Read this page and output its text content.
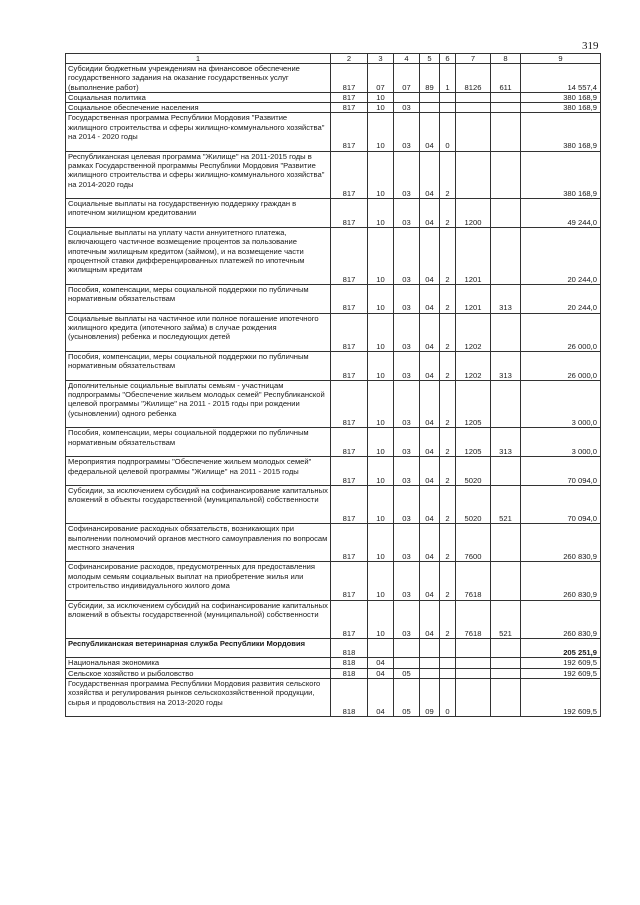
319
1	2	3	4	5	6	7	8	9
Субсидии бюджетным учреждениям на финансовое обеспечение государственного задания на оказание государственных услуг (выполнение работ)	817	07	07	89	1	8126	611	14 557,4
Социальная политика	817	10						380 168,9
Социальное обеспечение населения	817	10	03					380 168,9
Государственная программа Республики Мордовия "Развитие жилищного строительства и сферы жилищно-коммунального хозяйства" на 2014 - 2020 годы	817	10	03	04	0			380 168,9
Республиканская целевая программа "Жилище" на 2011-2015 годы в рамках Государственной программы Республики Мордовия "Развитие жилищного строительства и сферы жилищно-коммунального хозяйства" на 2014-2020 годы	817	10	03	04	2			380 168,9
Социальные выплаты на государственную поддержку граждан в ипотечном жилищном кредитовании	817	10	03	04	2	1200		49 244,0
Социальные выплаты на уплату части аннуитетного платежа, включающего частичное возмещение процентов за пользование ипотечным жилищным кредитом (займом), и на возмещение части процентной ставки дифференцированных платежей по ипотечным жилищным кредитам	817	10	03	04	2	1201		20 244,0
Пособия, компенсации, меры социальной поддержки по публичным нормативным обязательствам	817	10	03	04	2	1201	313	20 244,0
Социальные выплаты на частичное или полное погашение ипотечного жилищного кредита (ипотечного займа) в случае рождения (усыновления) ребенка и последующих детей	817	10	03	04	2	1202		26 000,0
Пособия, компенсации, меры социальной поддержки по публичным нормативным обязательствам	817	10	03	04	2	1202	313	26 000,0
Дополнительные социальные выплаты семьям - участницам подпрограммы "Обеспечение жильем молодых семей" Республиканской целевой программы "Жилище" на 2011 - 2015 годы при рождении (усыновлении) одного ребенка	817	10	03	04	2	1205		3 000,0
Пособия, компенсации, меры социальной поддержки по публичным нормативным обязательствам	817	10	03	04	2	1205	313	3 000,0
Мероприятия подпрограммы "Обеспечение жильем молодых семей" федеральной целевой программы "Жилище" на 2011 - 2015 годы	817	10	03	04	2	5020		70 094,0
Субсидии, за исключением субсидий на софинансирование капитальных вложений в объекты государственной (муниципальной) собственности	817	10	03	04	2	5020	521	70 094,0
Софинансирование расходных обязательств, возникающих при выполнении полномочий органов местного самоуправления по вопросам местного значения	817	10	03	04	2	7600		260 830,9
Софинансирование расходов, предусмотренных для предоставления молодым семьям социальных выплат на приобретение жилья или строительство индивидуального жилого дома	817	10	03	04	2	7618		260 830,9
Субсидии, за исключением субсидий на софинансирование капитальных вложений в объекты государственной (муниципальной) собственности	817	10	03	04	2	7618	521	260 830,9
Республиканская ветеринарная служба Республики Мордовия	818							205 251,9
Национальная экономика	818	04						192 609,5
Сельское хозяйство и рыболовство	818	04	05					192 609,5
Государственная программа Республики Мордовия развития сельского хозяйства и регулирования рынков сельскохозяйственной продукции, сырья и продовольствия на 2013-2020 годы	818	04	05	09	0			192 609,5
